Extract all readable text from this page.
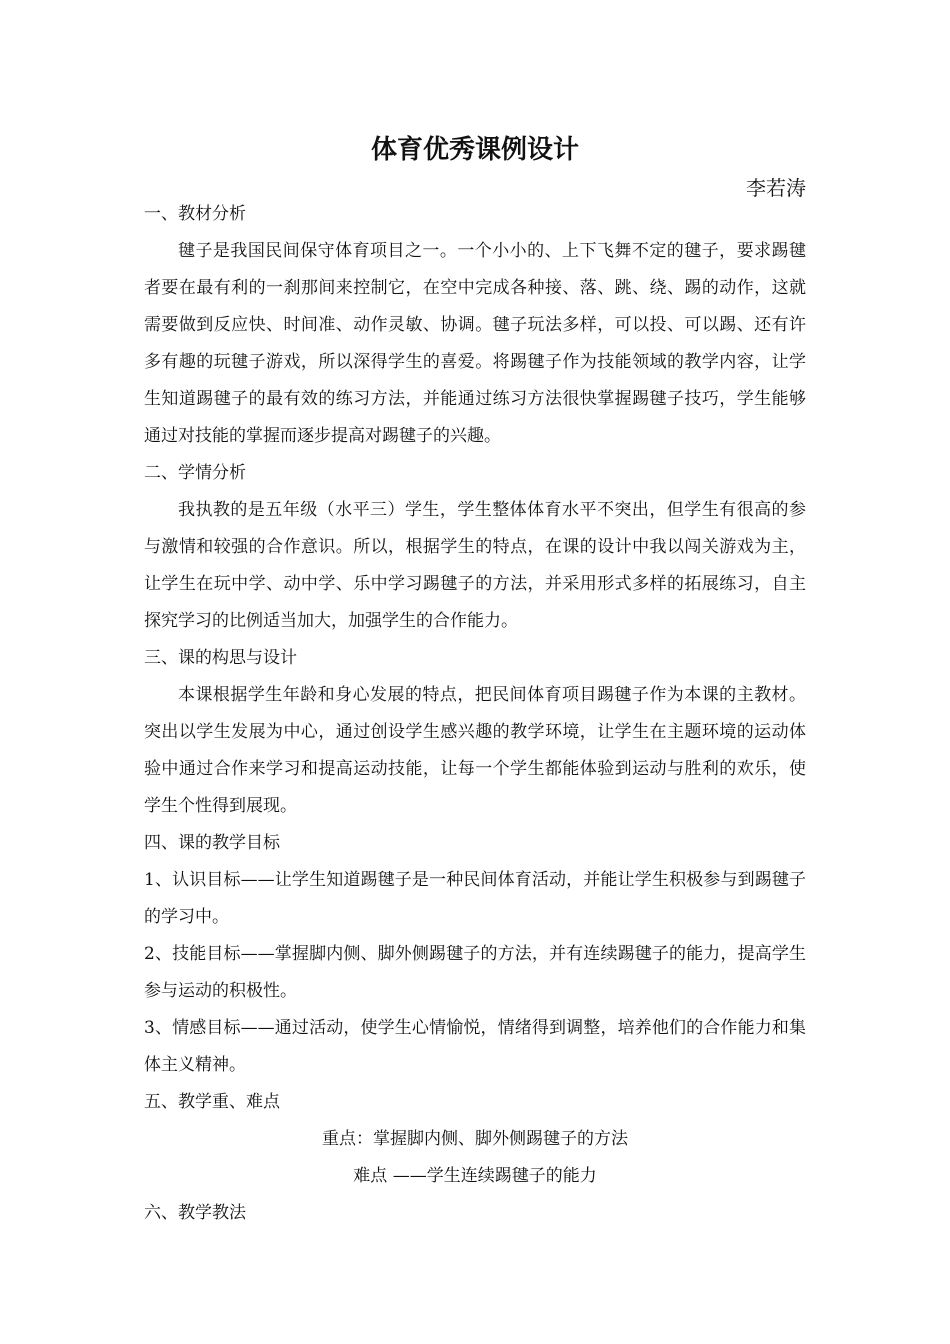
体育优秀课例设计
李若涛

一、教材分析

毽子是我国民间保守体育项目之一。一个小小的、上下飞舞不定的毽子，要求踢毽者要在最有利的一刹那间来控制它，在空中完成各种接、落、跳、绕、踢的动作，这就需要做到反应快、时间准、动作灵敏、协调。毽子玩法多样，可以投、可以踢、还有许多有趣的玩毽子游戏，所以深得学生的喜爱。将踢毽子作为技能领域的教学内容，让学生知道踢毽子的最有效的练习方法，并能通过练习方法很快掌握踢毽子技巧，学生能够通过对技能的掌握而逐步提高对踢毽子的兴趣。

二、学情分析

我执教的是五年级（水平三）学生，学生整体体育水平不突出，但学生有很高的参与激情和较强的合作意识。所以，根据学生的特点，在课的设计中我以闯关游戏为主，让学生在玩中学、动中学、乐中学习踢毽子的方法，并采用形式多样的拓展练习，自主探究学习的比例适当加大，加强学生的合作能力。

三、课的构思与设计

本课根据学生年龄和身心发展的特点，把民间体育项目踢毽子作为本课的主教材。突出以学生发展为中心，通过创设学生感兴趣的教学环境，让学生在主题环境的运动体验中通过合作来学习和提高运动技能，让每一个学生都能体验到运动与胜利的欢乐，使学生个性得到展现。

四、课的教学目标

1、认识目标——让学生知道踢毽子是一种民间体育活动，并能让学生积极参与到踢毽子的学习中。

2、技能目标——掌握脚内侧、脚外侧踢毽子的方法，并有连续踢毽子的能力，提高学生参与运动的积极性。

3、情感目标——通过活动，使学生心情愉悦，情绪得到调整，培养他们的合作能力和集体主义精神。

五、教学重、难点

重点：掌握脚内侧、脚外侧踢毽子的方法

难点 ——学生连续踢毽子的能力

六、教学教法
